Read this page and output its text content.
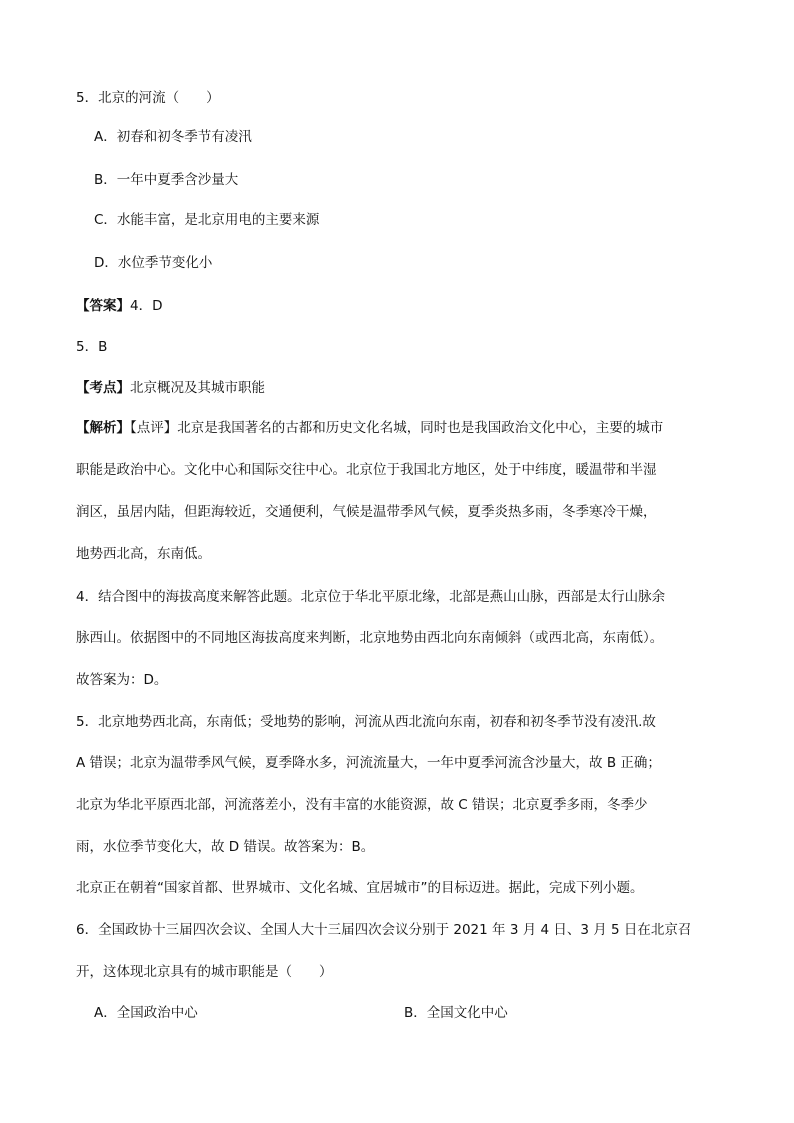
5．北京的河流（　　）
A．初春和初冬季节有凌汛
B．一年中夏季含沙量大
C．水能丰富，是北京用电的主要来源
D．水位季节变化小
【答案】4．D
5．B
【考点】北京概况及其城市职能
【解析】【点评】北京是我国著名的古都和历史文化名城，同时也是我国政治文化中心，主要的城市
职能是政治中心。文化中心和国际交往中心。北京位于我国北方地区，处于中纬度，暖温带和半湿
润区，虽居内陆，但距海较近，交通便利，气候是温带季风气候，夏季炎热多雨，冬季寒冷干燥，
地势西北高，东南低。
4．结合图中的海拔高度来解答此题。北京位于华北平原北缘，北部是燕山山脉，西部是太行山脉余
脉西山。依据图中的不同地区海拔高度来判断，北京地势由西北向东南倾斜（或西北高，东南低）。
故答案为：D。
5．北京地势西北高，东南低；受地势的影响，河流从西北流向东南，初春和初冬季节没有凌汛.故
A 错误；北京为温带季风气候，夏季降水多，河流流量大，一年中夏季河流含沙量大，故 B 正确；
北京为华北平原西北部，河流落差小，没有丰富的水能资源，故 C 错误；北京夏季多雨，冬季少
雨，水位季节变化大，故 D 错误。故答案为：B。
北京正在朝着“国家首都、世界城市、文化名城、宜居城市”的目标迈进。据此，完成下列小题。
6．全国政协十三届四次会议、全国人大十三届四次会议分别于 2021 年 3 月 4 日、3 月 5 日在北京召
开，这体现北京具有的城市职能是（　　）
A．全国政治中心	B．全国文化中心
